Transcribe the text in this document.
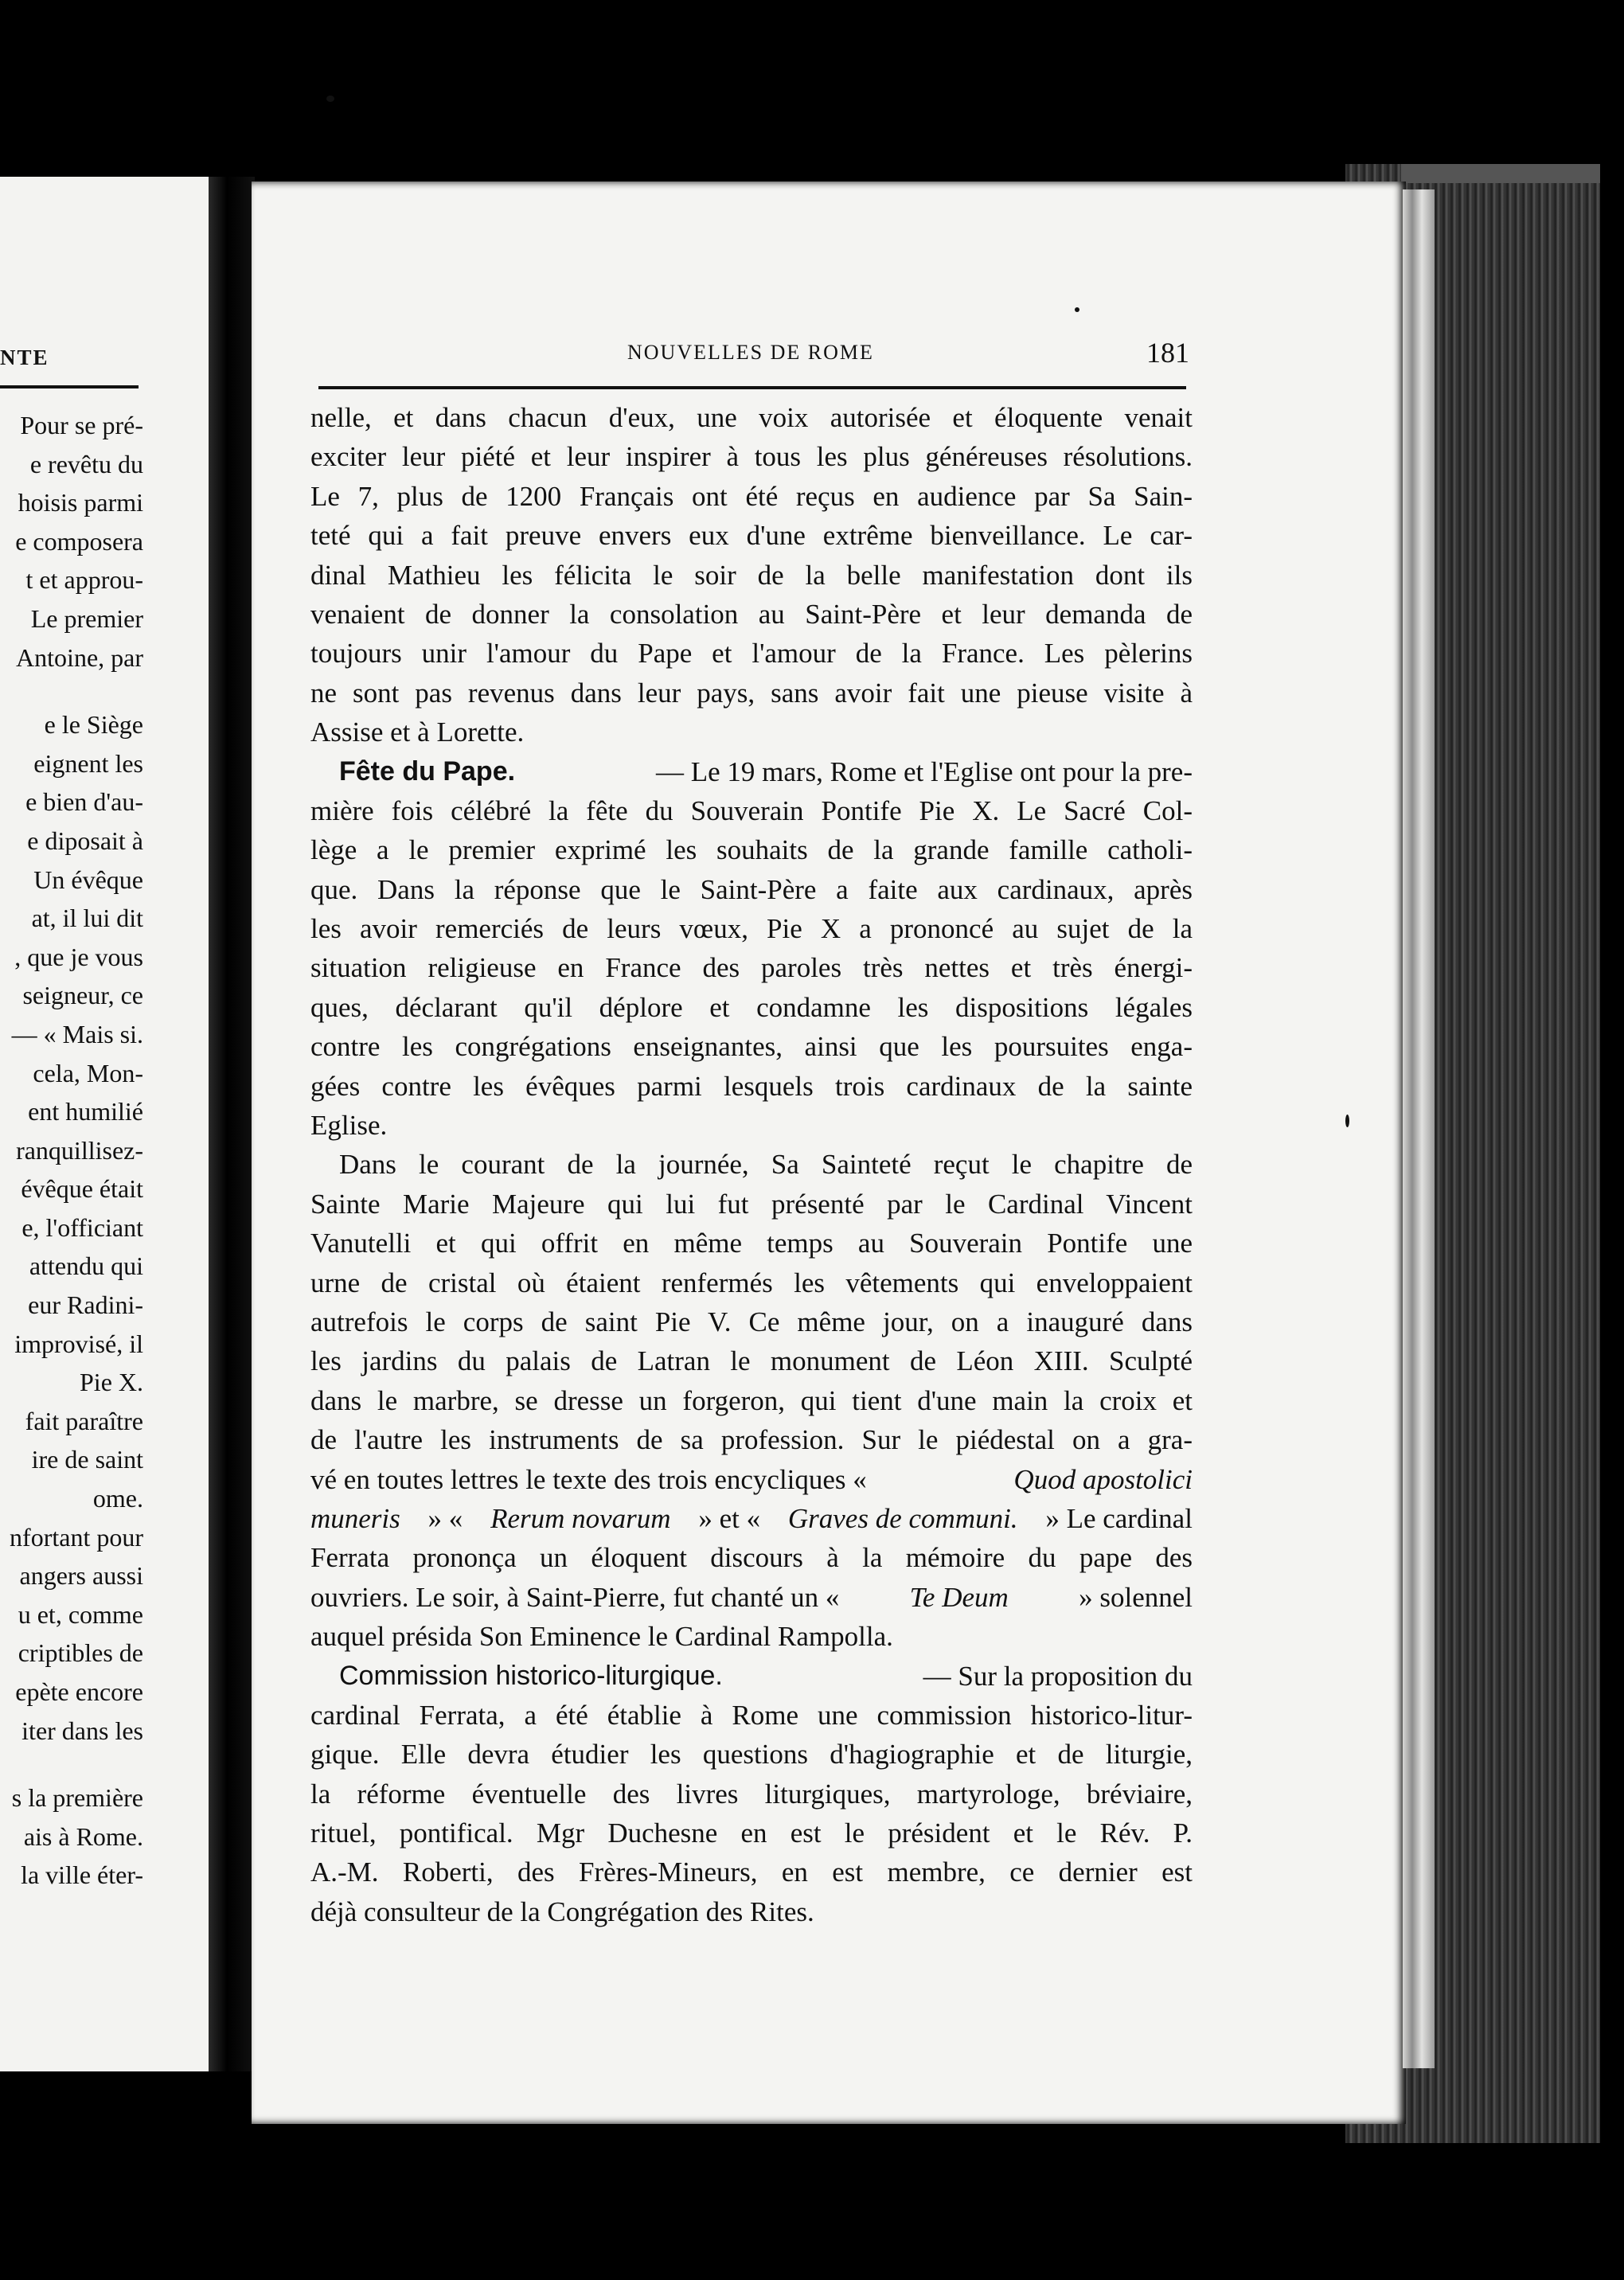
NTE
Pour se pré-
e revêtu du
hoisis parmi
e composera
t et approu-
Le premier
Antoine, par
e le Siège
eignent les
e bien d'au-
e diposait à
Un évêque
at, il lui dit
, que je vous
seigneur, ce
— « Mais si.
cela, Mon-
ent humilié
ranquillisez-
évêque était
e, l'officiant
attendu qui
eur Radini-
improvisé, il
Pie X.
fait paraître
ire de saint
ome.
nfortant pour
angers aussi
u et, comme
criptibles de
epète encore
iter dans les
s la première
ais à Rome.
la ville éter-
NOUVELLES DE ROME	181
nelle, et dans chacun d'eux, une voix autorisée et éloquente venait
exciter leur piété et leur inspirer à tous les plus généreuses résolutions.
Le 7, plus de 1200 Français ont été reçus en audience par Sa Sain-
teté qui a fait preuve envers eux d'une extrême bienveillance. Le car-
dinal Mathieu les félicita le soir de la belle manifestation dont ils
venaient de donner la consolation au Saint-Père et leur demanda de
toujours unir l'amour du Pape et l'amour de la France. Les pèlerins
ne sont pas revenus dans leur pays, sans avoir fait une pieuse visite à
Assise et à Lorette.
Fête du Pape.	— Le 19 mars, Rome et l'Eglise ont pour la pre-
mière fois célébré la fête du Souverain Pontife Pie X. Le Sacré Col-
lège a le premier exprimé les souhaits de la grande famille catholi-
que. Dans la réponse que le Saint-Père a faite aux cardinaux, après
les avoir remerciés de leurs vœux, Pie X a prononcé au sujet de la
situation religieuse en France des paroles très nettes et très énergi-
ques, déclarant qu'il déplore et condamne les dispositions légales
contre les congrégations enseignantes, ainsi que les poursuites enga-
gées contre les évêques parmi lesquels trois cardinaux de la sainte
Eglise.
Dans le courant de la journée, Sa Sainteté reçut le chapitre de
Sainte Marie Majeure qui lui fut présenté par le Cardinal Vincent
Vanutelli et qui offrit en même temps au Souverain Pontife une
urne de cristal où étaient renfermés les vêtements qui enveloppaient
autrefois le corps de saint Pie V. Ce même jour, on a inauguré dans
les jardins du palais de Latran le monument de Léon XIII. Sculpté
dans le marbre, se dresse un forgeron, qui tient d'une main la croix et
de l'autre les instruments de sa profession. Sur le piédestal on a gra-
vé en toutes lettres le texte des trois encycliques «	Quod apostolici
muneris » « Rerum novarum » et « Graves de communi. » Le cardinal
Ferrata prononça un éloquent discours à la mémoire du pape des
ouvriers. Le soir, à Saint-Pierre, fut chanté un «	Te Deum	» solennel
auquel présida Son Eminence le Cardinal Rampolla.
Commission historico-liturgique.	— Sur la proposition du
cardinal Ferrata, a été établie à Rome une commission historico-litur-
gique. Elle devra étudier les questions d'hagiographie et de liturgie,
la réforme éventuelle des livres liturgiques, martyrologe, bréviaire,
rituel, pontifical. Mgr Duchesne en est le président et le Rév. P.
A.-M. Roberti, des Frères-Mineurs, en est membre, ce dernier est
déjà consulteur de la Congrégation des Rites.
